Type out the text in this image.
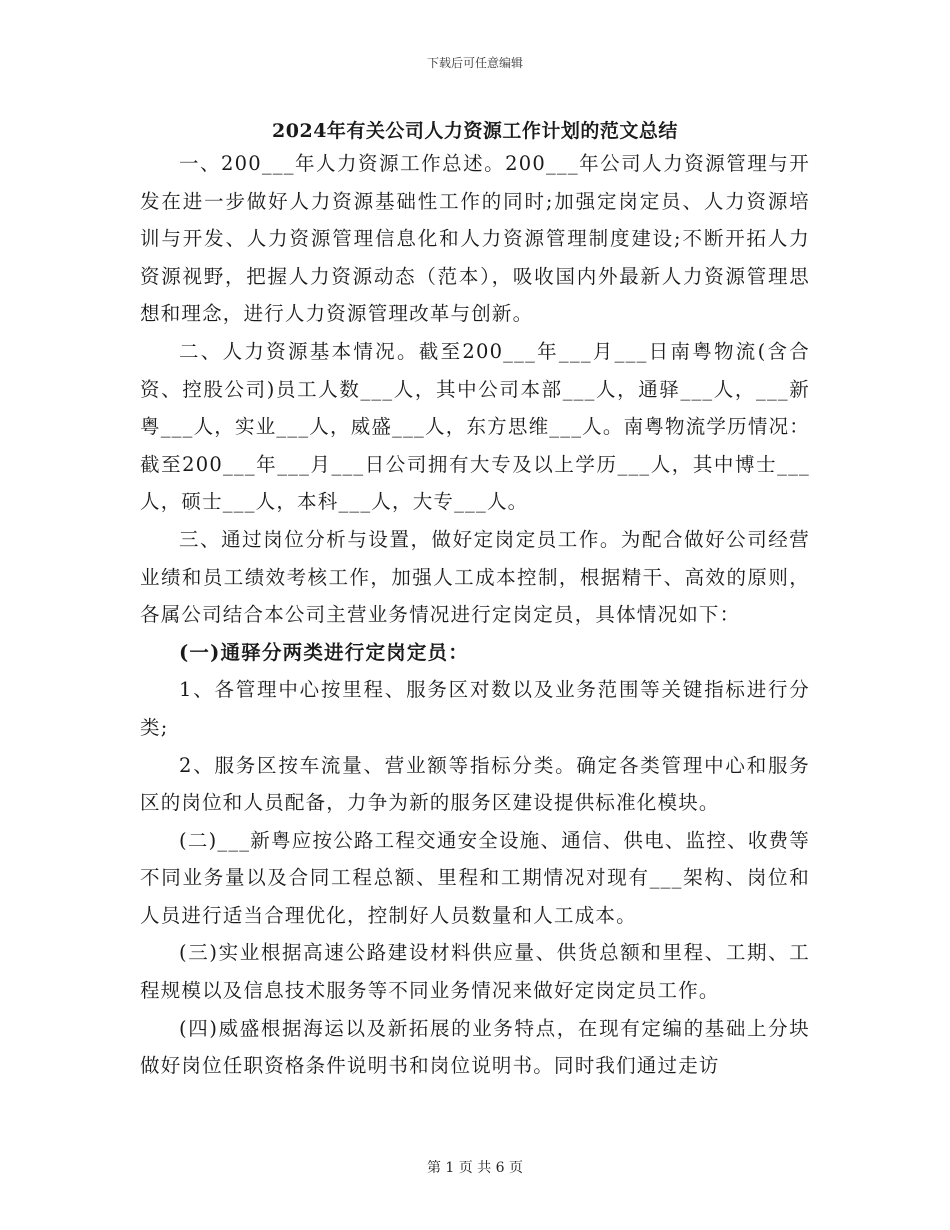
下载后可任意编辑
2024年有关公司人力资源工作计划的范文总结

一、200___年人力资源工作总述。200___年公司人力资源管理与开发在进一步做好人力资源基础性工作的同时;加强定岗定员、人力资源培训与开发、人力资源管理信息化和人力资源管理制度建设;不断开拓人力资源视野，把握人力资源动态（范本），吸收国内外最新人力资源管理思想和理念，进行人力资源管理改革与创新。

二、人力资源基本情况。截至200___年___月___日南粤物流(含合资、控股公司)员工人数___人，其中公司本部___人，通驿___人，___新粤___人，实业___人，威盛___人，东方思维___人。南粤物流学历情况：截至200___年___月___日公司拥有大专及以上学历___人，其中博士___人，硕士___人，本科___人，大专___人。

三、通过岗位分析与设置，做好定岗定员工作。为配合做好公司经营业绩和员工绩效考核工作，加强人工成本控制，根据精干、高效的原则，各属公司结合本公司主营业务情况进行定岗定员，具体情况如下：

(一)通驿分两类进行定岗定员：

1、各管理中心按里程、服务区对数以及业务范围等关键指标进行分类;

2、服务区按车流量、营业额等指标分类。确定各类管理中心和服务区的岗位和人员配备，力争为新的服务区建设提供标准化模块。

(二)___新粤应按公路工程交通安全设施、通信、供电、监控、收费等不同业务量以及合同工程总额、里程和工期情况对现有___架构、岗位和人员进行适当合理优化，控制好人员数量和人工成本。

(三)实业根据高速公路建设材料供应量、供货总额和里程、工期、工程规模以及信息技术服务等不同业务情况来做好定岗定员工作。

(四)威盛根据海运以及新拓展的业务特点，在现有定编的基础上分块做好岗位任职资格条件说明书和岗位说明书。同时我们通过走访

第 1 页 共 6 页
